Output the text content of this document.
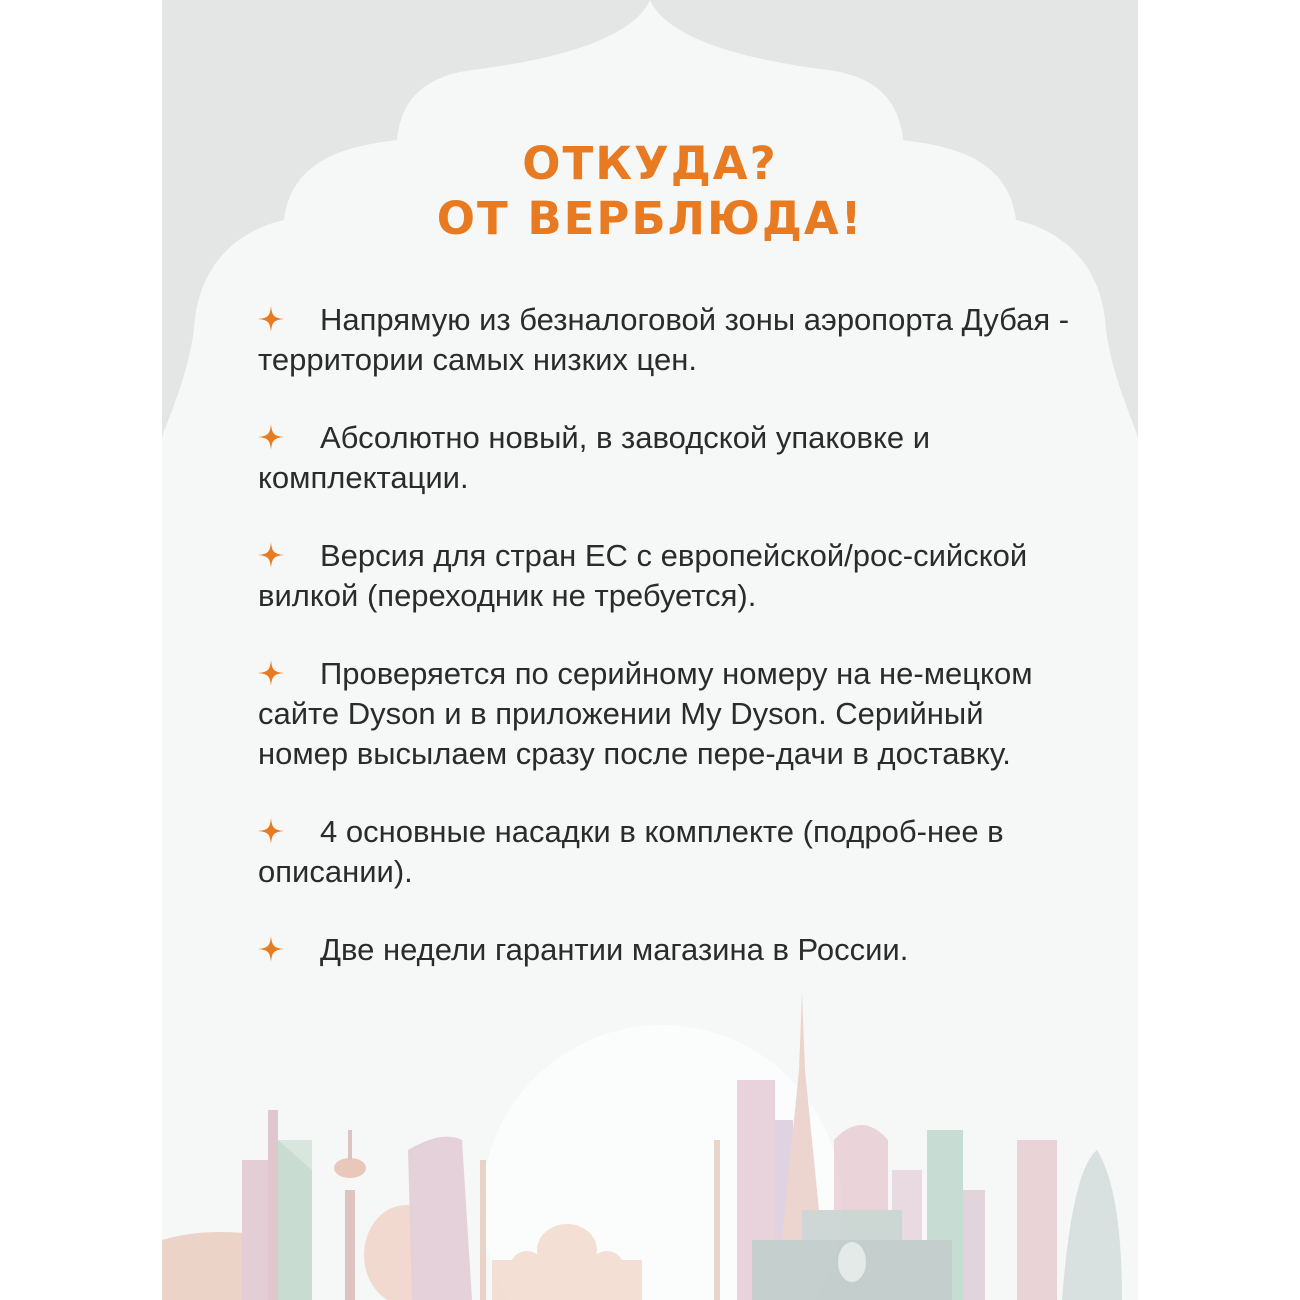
ОТКУДА?
ОТ ВЕРБЛЮДА!
Напрямую из безналоговой зоны аэропорта Дубая - территории самых низких цен.
Абсолютно новый, в заводской упаковке и комплектации.
Версия для стран ЕС с европейской/рос-сийской вилкой (переходник не требуется).
Проверяется по серийному номеру на не-мецком сайте Dyson и в приложении My Dyson. Серийный номер высылаем сразу после пере-дачи в доставку.
4 основные насадки в комплекте (подроб-нее в описании).
Две недели гарантии магазина в России.
